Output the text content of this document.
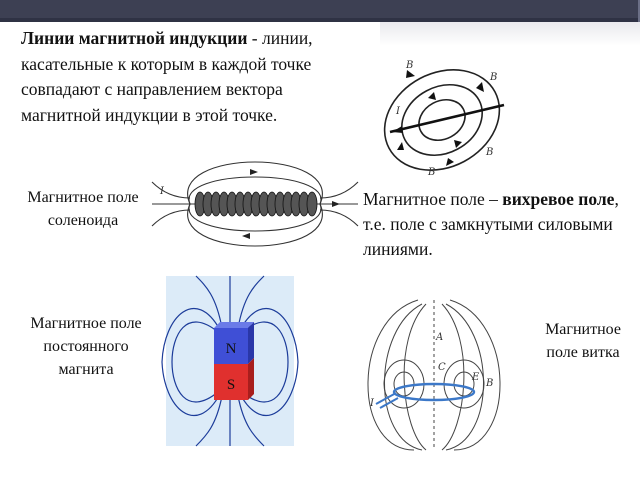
Линии магнитной индукции - линии, касательные к которым в каждой точке совпадают с направлением вектора магнитной индукции в этой точке.
B
B
B
B
I
Магнитное поле
соленоида
I	Магнитное поле – вихревое поле, т.е. поле с замкнутыми силовыми линиями.
Магнитное поле
постоянного
магнита
N
S
Магнитное
поле витка
I
A
B
C
E
